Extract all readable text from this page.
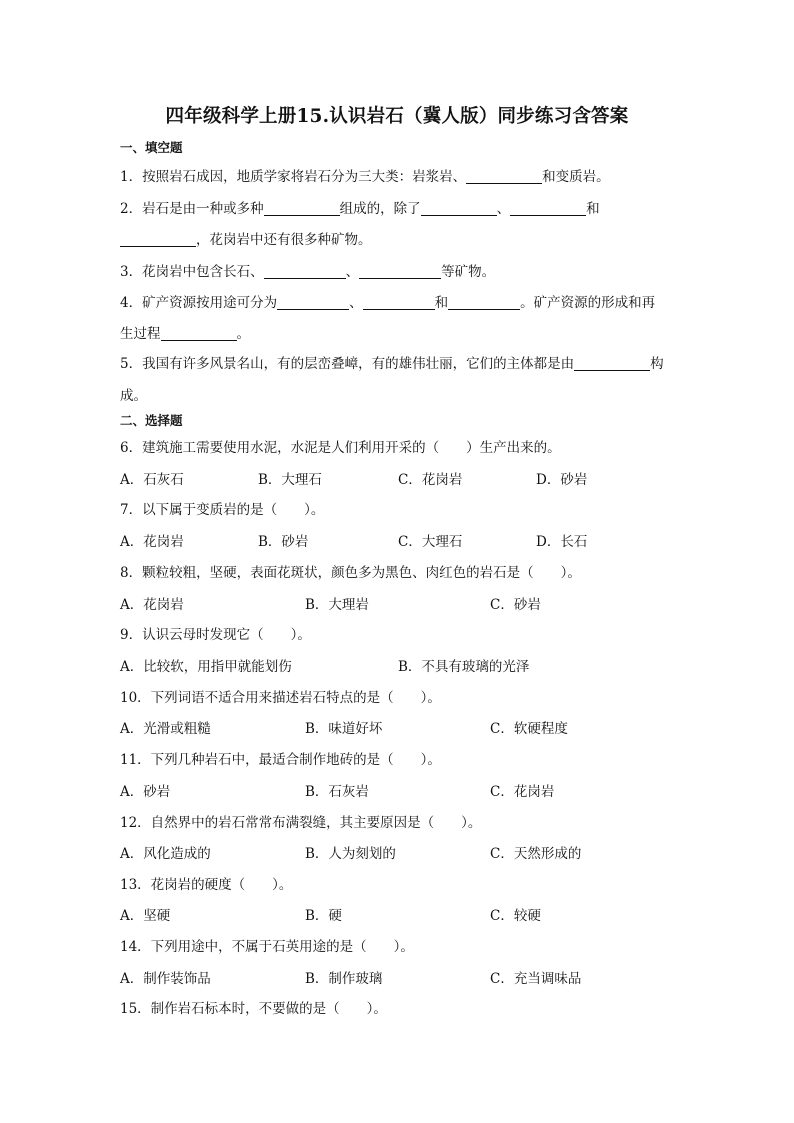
四年级科学上册15.认识岩石（冀人版）同步练习含答案
一、填空题
1．按照岩石成因，地质学家将岩石分为三大类：岩浆岩、	和变质岩。
2．岩石是由一种或多种	组成的，除了	、	和
，花岗岩中还有很多种矿物。
3．花岗岩中包含长石、	、	等矿物。
4．矿产资源按用途可分为	、	和	。矿产资源的形成和再
生过程	。
5．我国有许多风景名山，有的层峦叠嶂，有的雄伟壮丽，它们的主体都是由	构
成。
二、选择题
6．建筑施工需要使用水泥，水泥是人们利用开采的（　　）生产出来的。
A．石灰石	B．大理石	C．花岗岩	D．砂岩
7．以下属于变质岩的是（　　）。
A．花岗岩	B．砂岩	C．大理石	D．长石
8．颗粒较粗，坚硬，表面花斑状，颜色多为黑色、肉红色的岩石是（　　）。
A．花岗岩	B．大理岩	C．砂岩
9．认识云母时发现它（　　）。
A．比较软，用指甲就能划伤	B．不具有玻璃的光泽
10．下列词语不适合用来描述岩石特点的是（　　）。
A．光滑或粗糙	B．味道好坏	C．软硬程度
11．下列几种岩石中，最适合制作地砖的是（　　）。
A．砂岩	B．石灰岩	C．花岗岩
12．自然界中的岩石常常布满裂缝，其主要原因是（　　）。
A．风化造成的	B．人为刻划的	C．天然形成的
13．花岗岩的硬度（　　）。
A．坚硬	B．硬	C．较硬
14．下列用途中，不属于石英用途的是（　　）。
A．制作装饰品	B．制作玻璃	C．充当调味品
15．制作岩石标本时，不要做的是（　　）。
